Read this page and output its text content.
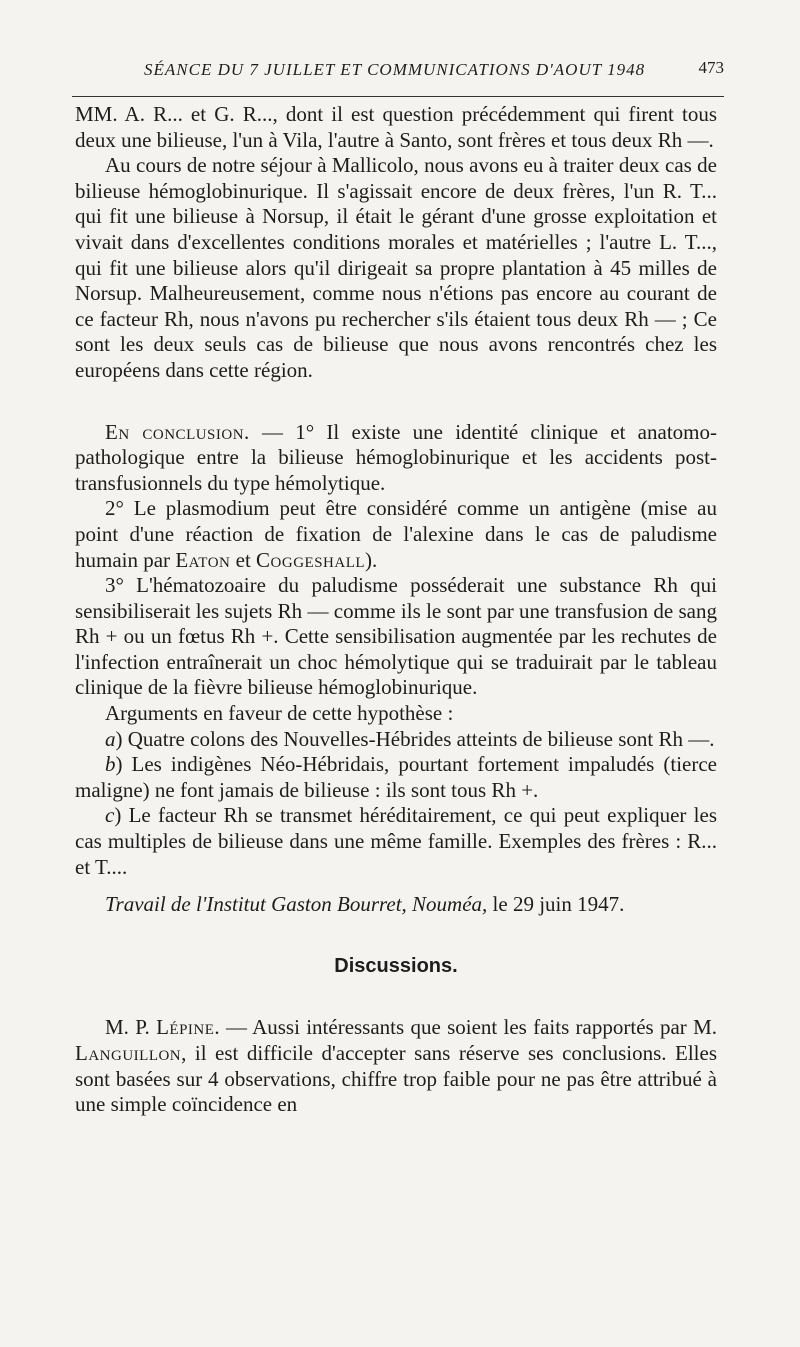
SÉANCE DU 7 JUILLET ET COMMUNICATIONS D'AOUT 1948	473

MM. A. R... et G. R..., dont il est question précédemment qui firent tous deux une bilieuse, l'un à Vila, l'autre à Santo, sont frères et tous deux Rh —.

Au cours de notre séjour à Mallicolo, nous avons eu à traiter deux cas de bilieuse hémoglobinurique. Il s'agissait encore de deux frères, l'un R. T... qui fit une bilieuse à Norsup, il était le gérant d'une grosse exploitation et vivait dans d'excellentes conditions morales et matérielles ; l'autre L. T..., qui fit une bilieuse alors qu'il dirigeait sa propre plantation à 45 milles de Norsup. Malheureusement, comme nous n'étions pas encore au courant de ce facteur Rh, nous n'avons pu rechercher s'ils étaient tous deux Rh — ; Ce sont les deux seuls cas de bilieuse que nous avons rencontrés chez les européens dans cette région.

En conclusion. — 1° Il existe une identité clinique et anatomo-pathologique entre la bilieuse hémoglobinurique et les accidents post-transfusionnels du type hémolytique.

2° Le plasmodium peut être considéré comme un antigène (mise au point d'une réaction de fixation de l'alexine dans le cas de paludisme humain par Eaton et Coggeshall).

3° L'hématozoaire du paludisme posséderait une substance Rh qui sensibiliserait les sujets Rh — comme ils le sont par une transfusion de sang Rh + ou un fœtus Rh +. Cette sensibilisation augmentée par les rechutes de l'infection entraînerait un choc hémolytique qui se traduirait par le tableau clinique de la fièvre bilieuse hémoglobinurique.

Arguments en faveur de cette hypothèse :

a) Quatre colons des Nouvelles-Hébrides atteints de bilieuse sont Rh —.

b) Les indigènes Néo-Hébridais, pourtant fortement impaludés (tierce maligne) ne font jamais de bilieuse : ils sont tous Rh +.

c) Le facteur Rh se transmet héréditairement, ce qui peut expliquer les cas multiples de bilieuse dans une même famille. Exemples des frères : R... et T....

Travail de l'Institut Gaston Bourret, Nouméa, le 29 juin 1947.

Discussions.

M. P. Lépine. — Aussi intéressants que soient les faits rapportés par M. Languillon, il est difficile d'accepter sans réserve ses conclusions. Elles sont basées sur 4 observations, chiffre trop faible pour ne pas être attribué à une simple coïncidence en
